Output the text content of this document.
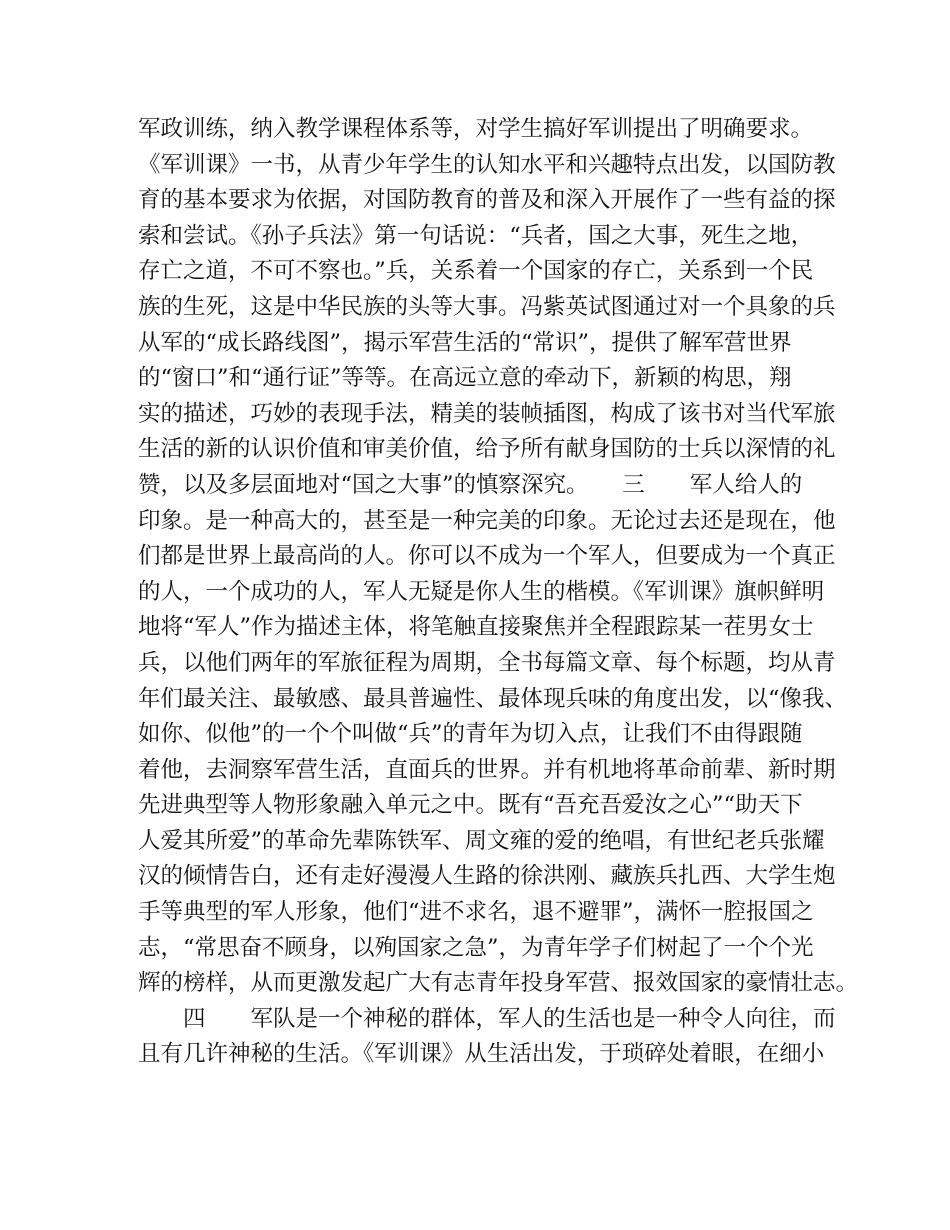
军政训练，纳入教学课程体系等，对学生搞好军训提出了明确要求。
《军训课》一书，从青少年学生的认知水平和兴趣特点出发，以国防教
育的基本要求为依据，对国防教育的普及和深入开展作了一些有益的探
索和尝试。《孙子兵法》第一句话说：“兵者，国之大事，死生之地，
存亡之道，不可不察也。”兵，关系着一个国家的存亡，关系到一个民
族的生死，这是中华民族的头等大事。冯紫英试图通过对一个具象的兵
从军的“成长路线图”，揭示军营生活的“常识”，提供了解军营世界
的“窗口”和“通行证”等等。在高远立意的牵动下，新颖的构思，翔
实的描述，巧妙的表现手法，精美的装帧插图，构成了该书对当代军旅
生活的新的认识价值和审美价值，给予所有献身国防的士兵以深情的礼
赞，以及多层面地对“国之大事”的慎察深究。　　三　　军人给人的
印象。是一种高大的，甚至是一种完美的印象。无论过去还是现在，他
们都是世界上最高尚的人。你可以不成为一个军人，但要成为一个真正
的人，一个成功的人，军人无疑是你人生的楷模。《军训课》旗帜鲜明
地将“军人”作为描述主体，将笔触直接聚焦并全程跟踪某一茬男女士
兵，以他们两年的军旅征程为周期，全书每篇文章、每个标题，均从青
年们最关注、最敏感、最具普遍性、最体现兵味的角度出发，以“像我、
如你、似他”的一个个叫做“兵”的青年为切入点，让我们不由得跟随
着他，去洞察军营生活，直面兵的世界。并有机地将革命前辈、新时期
先进典型等人物形象融入单元之中。既有“吾充吾爱汝之心”“助天下
人爱其所爱”的革命先辈陈铁军、周文雍的爱的绝唱，有世纪老兵张耀
汉的倾情告白，还有走好漫漫人生路的徐洪刚、藏族兵扎西、大学生炮
手等典型的军人形象，他们“进不求名，退不避罪”，满怀一腔报国之
志，“常思奋不顾身，以殉国家之急”，为青年学子们树起了一个个光
辉的榜样，从而更激发起广大有志青年投身军营、报效国家的豪情壮志。
　　四　　军队是一个神秘的群体，军人的生活也是一种令人向往，而
且有几许神秘的生活。《军训课》从生活出发，于琐碎处着眼，在细小
